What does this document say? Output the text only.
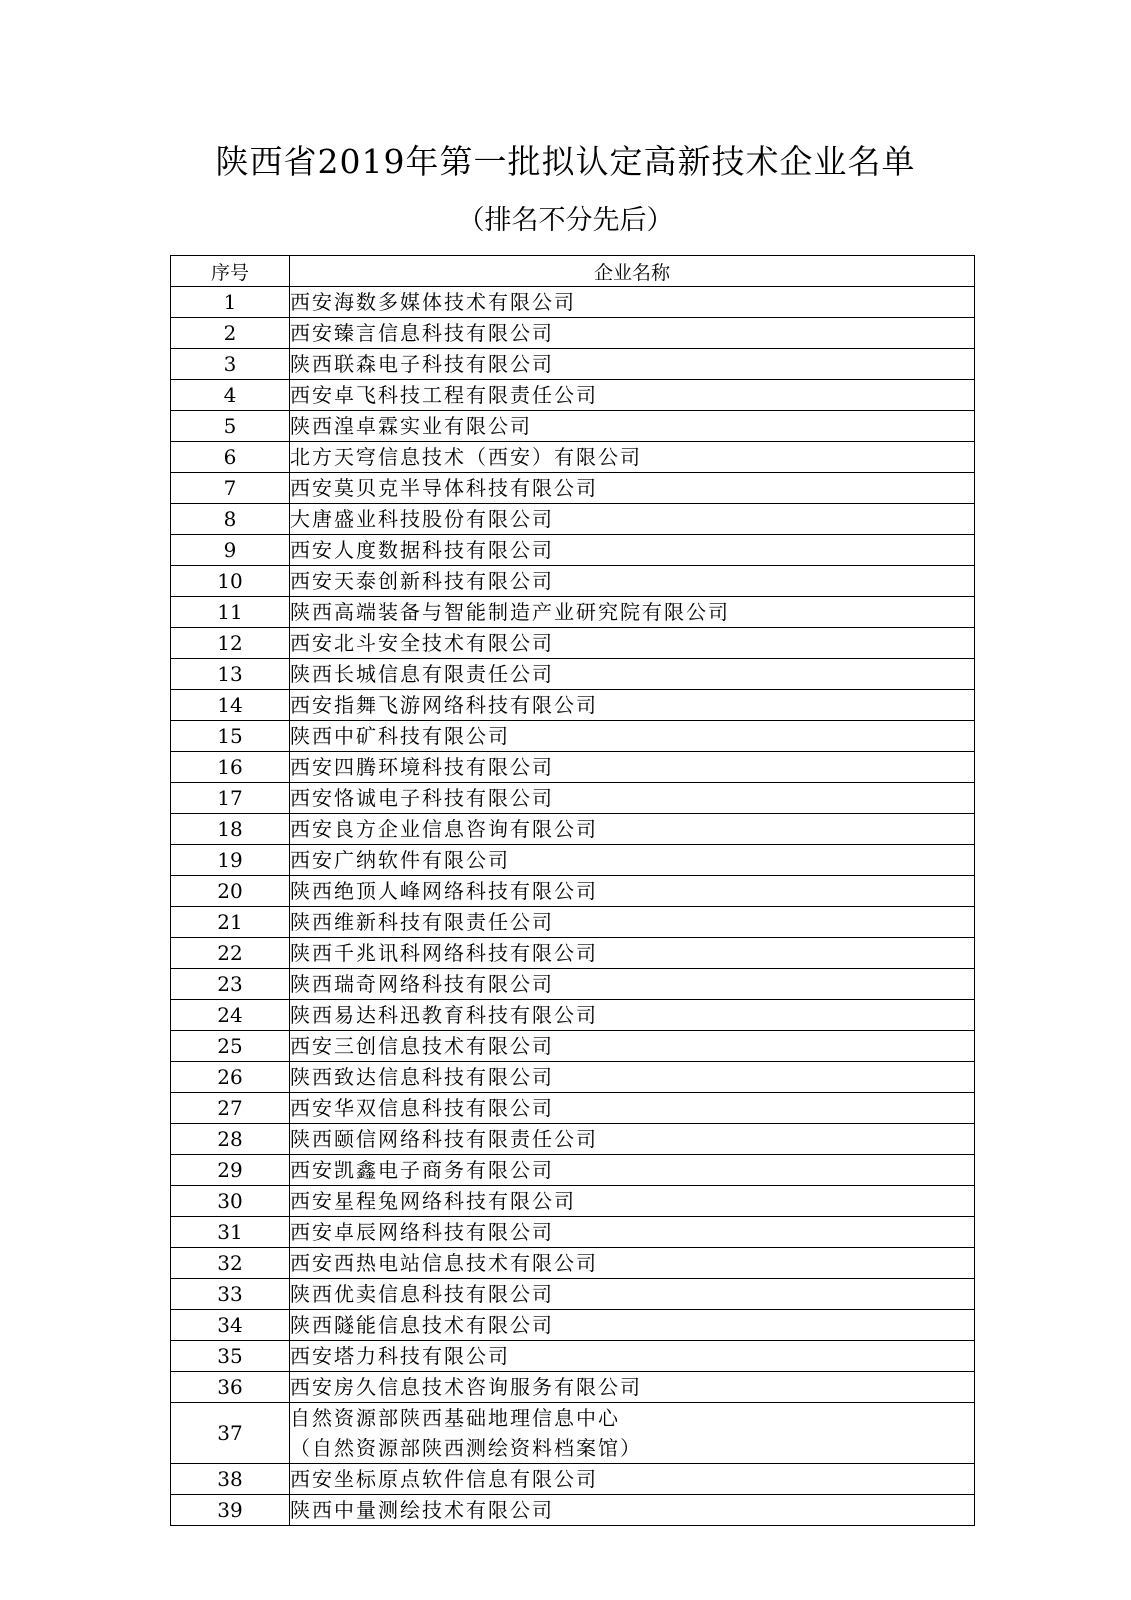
陕西省2019年第一批拟认定高新技术企业名单
（排名不分先后）
序号	企业名称
1	西安海数多媒体技术有限公司
2	西安臻言信息科技有限公司
3	陕西联森电子科技有限公司
4	西安卓飞科技工程有限责任公司
5	陕西湟卓霖实业有限公司
6	北方天穹信息技术（西安）有限公司
7	西安莫贝克半导体科技有限公司
8	大唐盛业科技股份有限公司
9	西安人度数据科技有限公司
10	西安天泰创新科技有限公司
11	陕西高端装备与智能制造产业研究院有限公司
12	西安北斗安全技术有限公司
13	陕西长城信息有限责任公司
14	西安指舞飞游网络科技有限公司
15	陕西中矿科技有限公司
16	西安四腾环境科技有限公司
17	西安恪诚电子科技有限公司
18	西安良方企业信息咨询有限公司
19	西安广纳软件有限公司
20	陕西绝顶人峰网络科技有限公司
21	陕西维新科技有限责任公司
22	陕西千兆讯科网络科技有限公司
23	陕西瑞奇网络科技有限公司
24	陕西易达科迅教育科技有限公司
25	西安三创信息技术有限公司
26	陕西致达信息科技有限公司
27	西安华双信息科技有限公司
28	陕西颐信网络科技有限责任公司
29	西安凯鑫电子商务有限公司
30	西安星程兔网络科技有限公司
31	西安卓辰网络科技有限公司
32	西安西热电站信息技术有限公司
33	陕西优卖信息科技有限公司
34	陕西隧能信息技术有限公司
35	西安塔力科技有限公司
36	西安房久信息技术咨询服务有限公司
37	自然资源部陕西基础地理信息中心
（自然资源部陕西测绘资料档案馆）

38	西安坐标原点软件信息有限公司
39	陕西中量测绘技术有限公司
